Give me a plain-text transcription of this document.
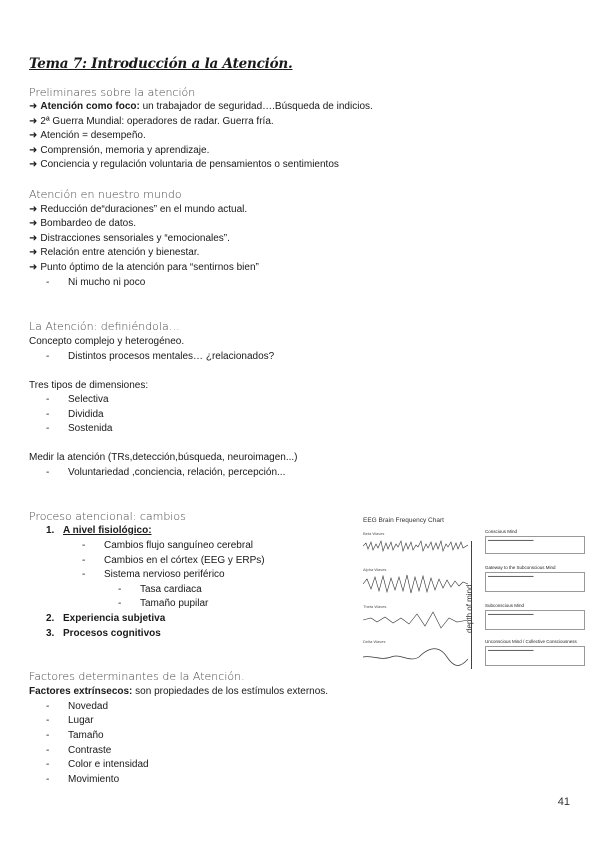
Tema 7: Introducción a la Atención.
Preliminares sobre la atención
➜ Atención como foco: un trabajador de seguridad….Búsqueda de indicios.
➜ 2ª Guerra Mundial: operadores de radar. Guerra fría.
➜ Atención = desempeño.
➜ Comprensión, memoria y aprendizaje.
➜ Conciencia y regulación voluntaria de pensamientos o sentimientos
Atención en nuestro mundo
➜ Reducción de“duraciones” en el mundo actual.
➜ Bombardeo de datos.
➜ Distracciones sensoriales y “emocionales”.
➜ Relación entre atención y bienestar.
➜ Punto óptimo de la atención para “sentirnos bien”
- Ni mucho ni poco
La Atención: definiéndola…
Concepto complejo y heterogéneo.
- Distintos procesos mentales… ¿relacionados?
Tres tipos de dimensiones:
- Selectiva
- Dividida
- Sostenida
Medir la atención (TRs,detección,búsqueda, neuroimagen...)
- Voluntariedad ,conciencia, relación, percepción...
Proceso atencional: cambios
1. A nivel fisiológico:
- Cambios flujo sanguíneo cerebral
- Cambios en el córtex (EEG y ERPs)
- Sistema nervioso periférico
- Tasa cardiaca
- Tamaño pupilar
2. Experiencia subjetiva
3. Procesos cognitivos
EEG Brain Frequency Chart
depth of mind
Beta Waves
Alpha Waves
Theta Waves
Delta Waves
Conscious Mind
▬▬▬▬▬▬▬▬▬▬▬▬▬
Gateway to the Subconscious Mind
▬▬▬▬▬▬▬▬▬▬▬▬▬
Subconscious Mind
▬▬▬▬▬▬▬▬▬▬▬▬▬
Unconscious Mind / Collective Consciousness
▬▬▬▬▬▬▬▬▬▬▬▬▬
Factores determinantes de la Atención.
Factores extrínsecos: son propiedades de los estímulos externos.
- Novedad
- Lugar
- Tamaño
- Contraste
- Color e intensidad
- Movimiento
41
